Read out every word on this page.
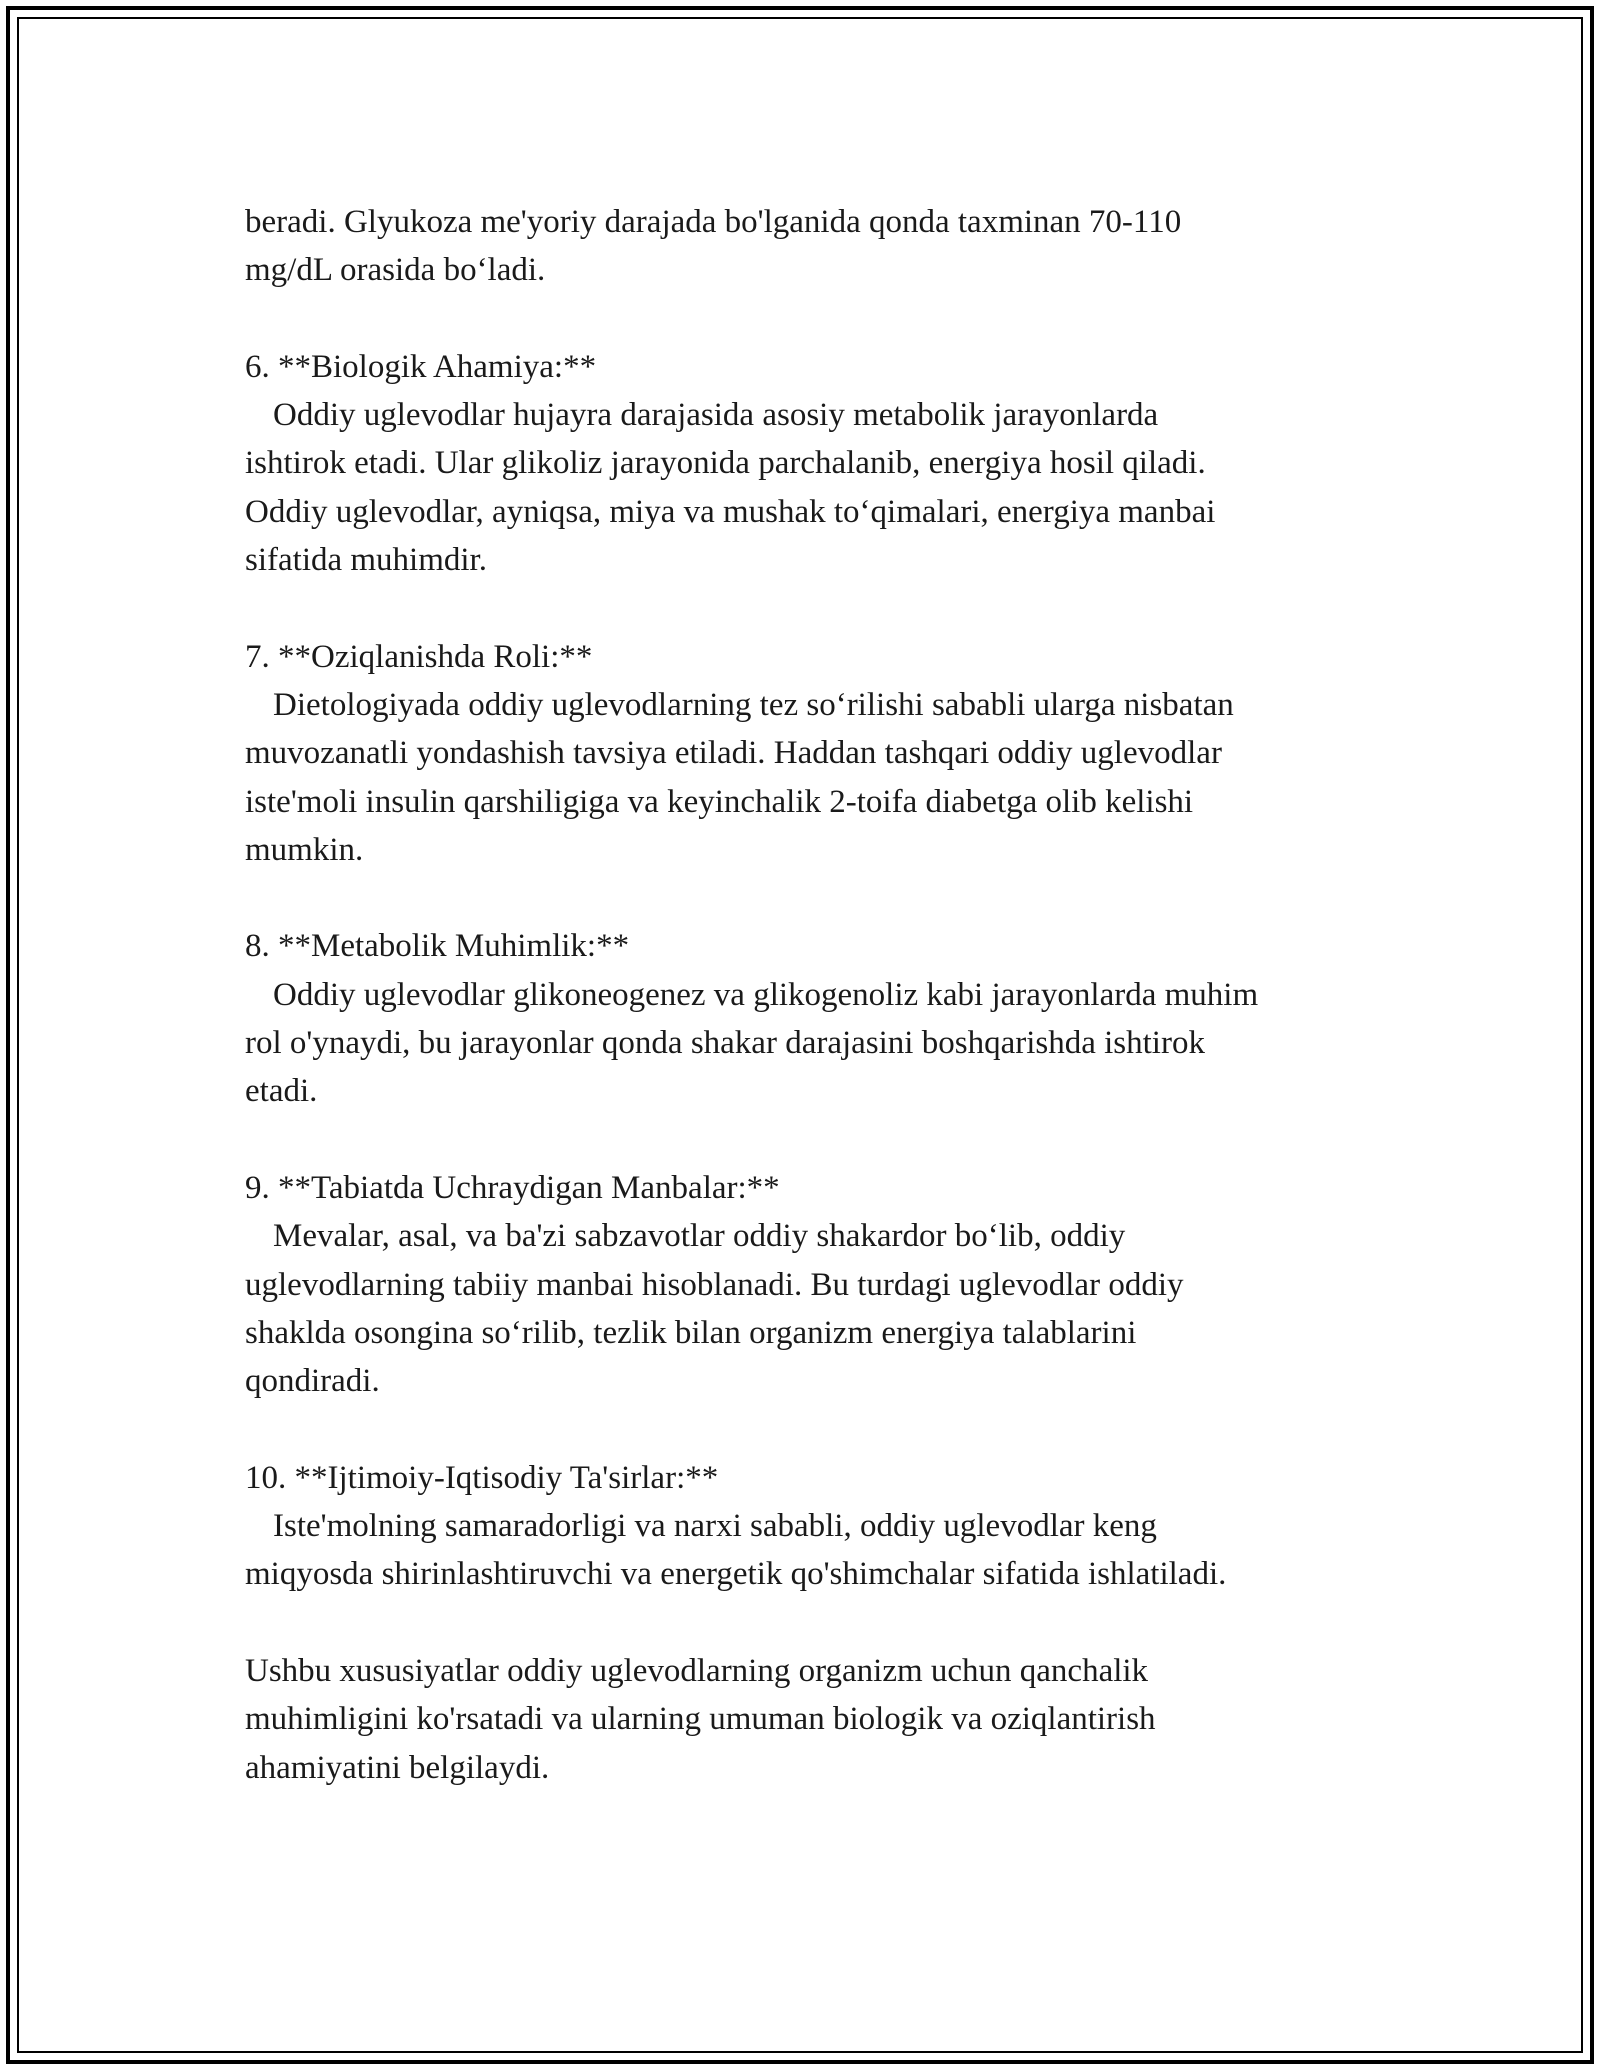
beradi. Glyukoza me'yoriy darajada bo'lganida qonda taxminan 70-110

mg/dL orasida bo‘ladi.

6. **Biologik Ahamiya:**

Oddiy uglevodlar hujayra darajasida asosiy metabolik jarayonlarda

ishtirok etadi. Ular glikoliz jarayonida parchalanib, energiya hosil qiladi.

Oddiy uglevodlar, ayniqsa, miya va mushak to‘qimalari, energiya manbai

sifatida muhimdir.

7. **Oziqlanishda Roli:**

Dietologiyada oddiy uglevodlarning tez so‘rilishi sababli ularga nisbatan

muvozanatli yondashish tavsiya etiladi. Haddan tashqari oddiy uglevodlar

iste'moli insulin qarshiligiga va keyinchalik 2-toifa diabetga olib kelishi

mumkin.

8. **Metabolik Muhimlik:**

Oddiy uglevodlar glikoneogenez va glikogenoliz kabi jarayonlarda muhim

rol o'ynaydi, bu jarayonlar qonda shakar darajasini boshqarishda ishtirok

etadi.

9. **Tabiatda Uchraydigan Manbalar:**

Mevalar, asal, va ba'zi sabzavotlar oddiy shakardor bo‘lib, oddiy

uglevodlarning tabiiy manbai hisoblanadi. Bu turdagi uglevodlar oddiy

shaklda osongina so‘rilib, tezlik bilan organizm energiya talablarini

qondiradi.

10. **Ijtimoiy-Iqtisodiy Ta'sirlar:**

Iste'molning samaradorligi va narxi sababli, oddiy uglevodlar keng

miqyosda shirinlashtiruvchi va energetik qo'shimchalar sifatida ishlatiladi.

Ushbu xususiyatlar oddiy uglevodlarning organizm uchun qanchalik

muhimligini ko'rsatadi va ularning umuman biologik va oziqlantirish

ahamiyatini belgilaydi.
